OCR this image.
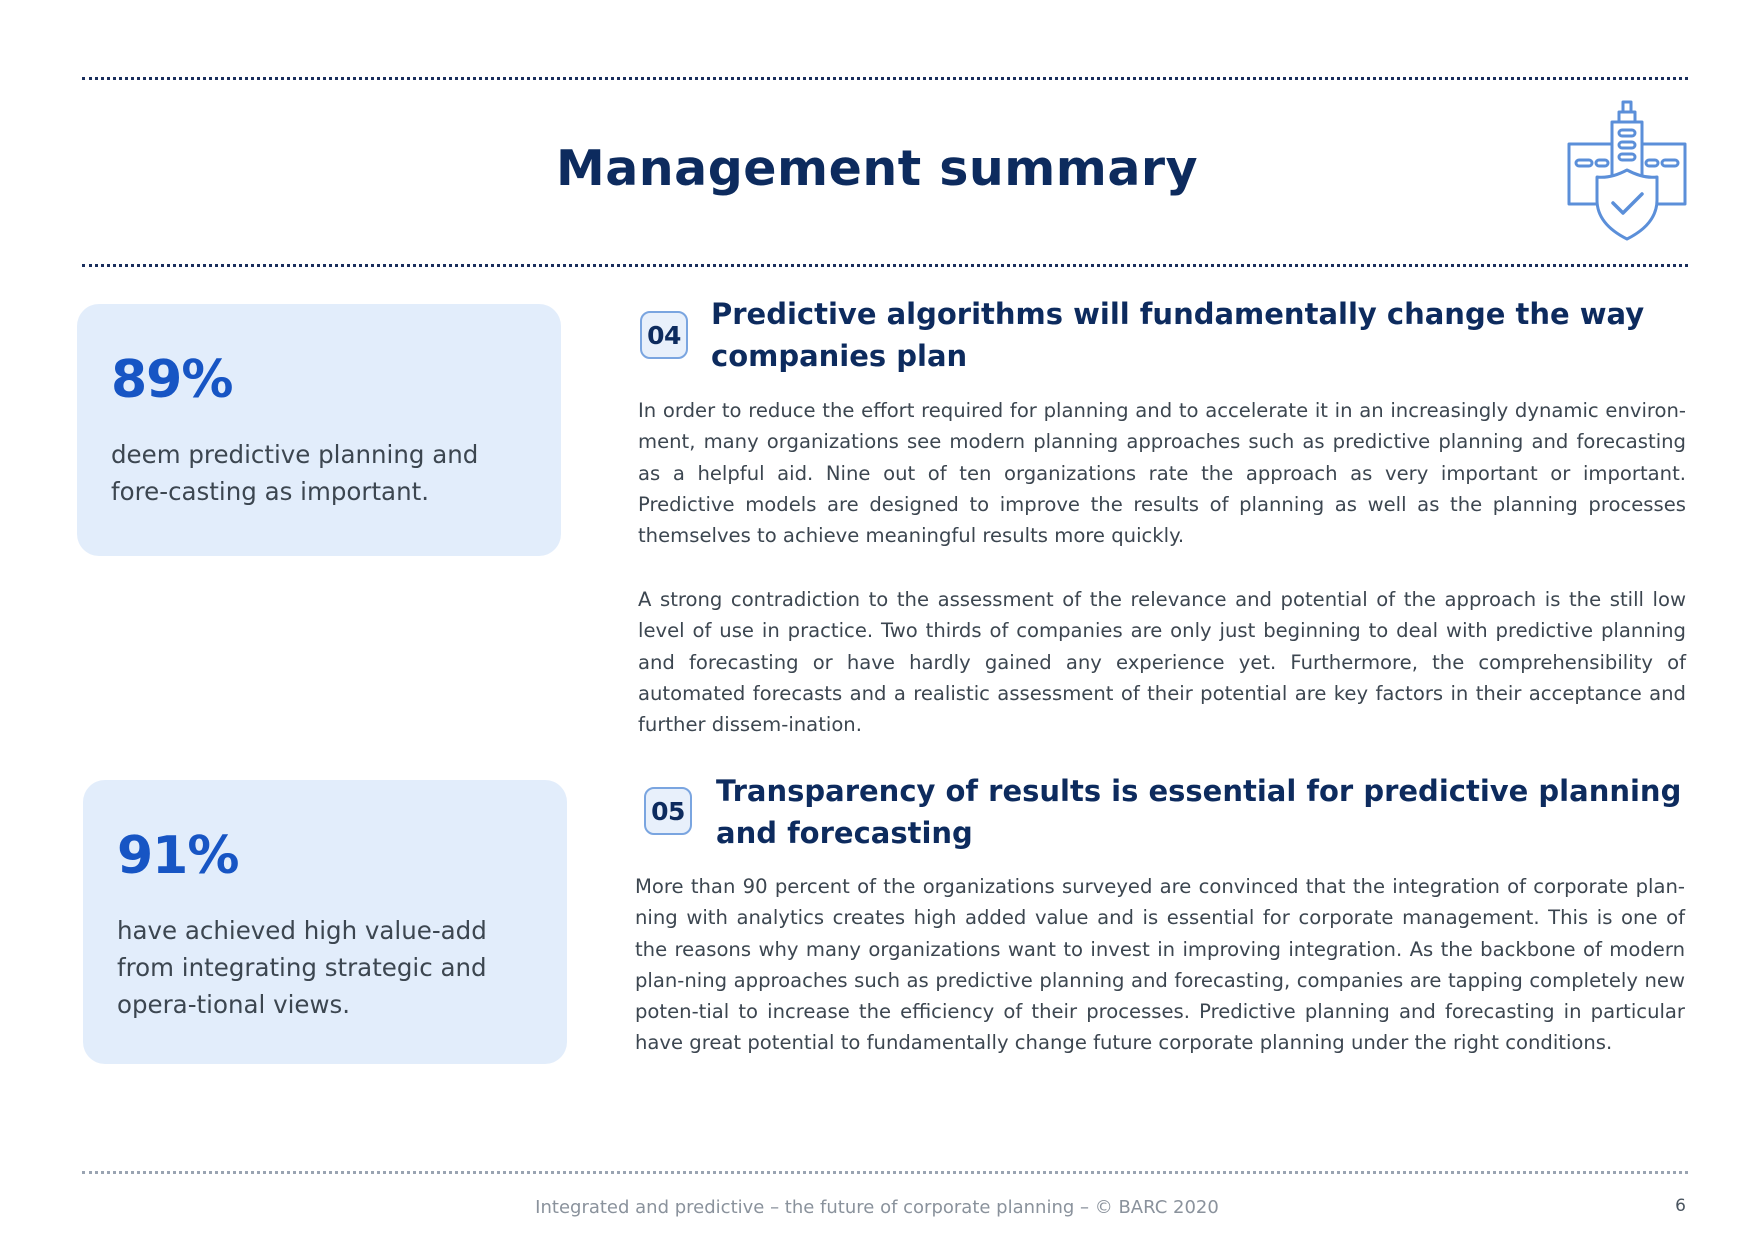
Management summary
89%
deem predictive planning and fore-casting as important.
91%
have achieved high value-add from integrating strategic and opera-tional views.
04
Predictive algorithms will fundamentally change the way companies plan

In order to reduce the effort required for planning and to accelerate it in an increasingly dynamic environ-ment, many organizations see modern planning approaches such as predictive planning and forecasting as a helpful aid. Nine out of ten organizations rate the approach as very important or important. Predictive models are designed to improve the results of planning as well as the planning processes themselves to achieve meaningful results more quickly.

A strong contradiction to the assessment of the relevance and potential of the approach is the still low level of use in practice. Two thirds of companies are only just beginning to deal with predictive planning and forecasting or have hardly gained any experience yet. Furthermore, the comprehensibility of automated forecasts and a realistic assessment of their potential are key factors in their acceptance and further dissem-ination.

05
Transparency of results is essential for predictive planning and forecasting

More than 90 percent of the organizations surveyed are convinced that the integration of corporate plan-ning with analytics creates high added value and is essential for corporate management. This is one of the reasons why many organizations want to invest in improving integration. As the backbone of modern plan-ning approaches such as predictive planning and forecasting, companies are tapping completely new poten-tial to increase the efficiency of their processes. Predictive planning and forecasting in particular have great potential to fundamentally change future corporate planning under the right conditions.

Integrated and predictive – the future of corporate planning – © BARC 2020	6
